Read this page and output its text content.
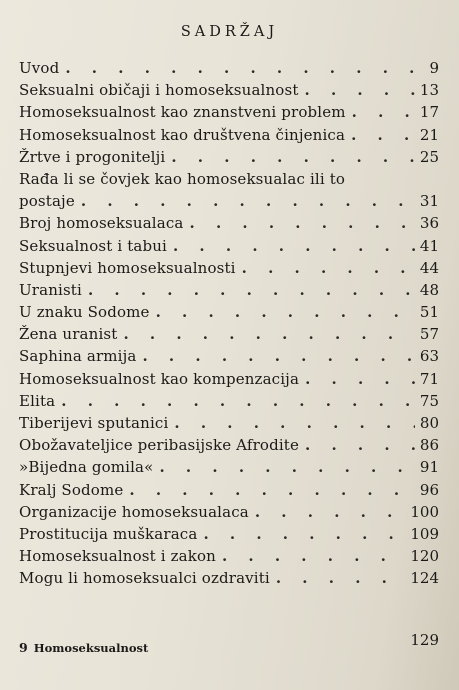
SADRŽAJ
Uvod . . .	9
Seksualni običaji i homoseksualnost . . .	13
Homoseksualnost kao znanstveni problem . . .	17
Homoseksualnost kao društvena činjenica . . .	21
Žrtve i progonitelji . . .	25
Rađa li se čovjek kao homoseksualac ili to
postaje . . .	31
Broj homoseksualaca . . .	36
Seksualnost i tabui . . .	41
Stupnjevi homoseksualnosti . . .	44
Uranisti . . .	48
U znaku Sodome . . .	51
Žena uranist . . .	57
Saphina armija . . .	63
Homoseksualnost kao kompenzacija . . .	71
Elita . . .	75
Tiberijevi sputanici . . .	80
Obožavateljice peribasijske Afrodite . . .	86
»Bijedna gomila« . . .	91
Kralj Sodome . . .	96
Organizacije homoseksualaca . . .	100
Prostitucija muškaraca . . .	109
Homoseksualnost i zakon . . .	120
Mogu li homoseksualci ozdraviti . . .	124
9 Homoseksualnost	129
